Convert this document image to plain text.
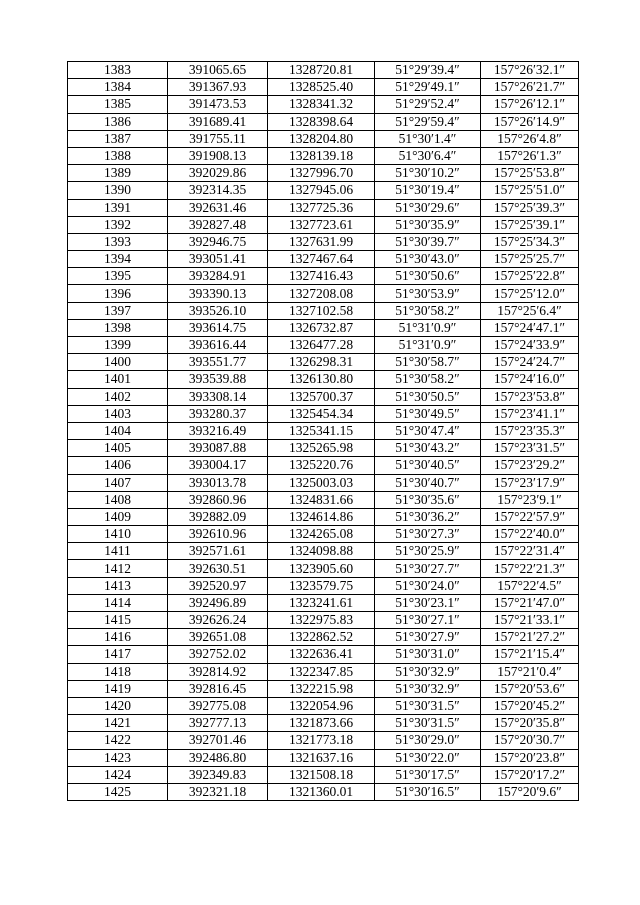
1383	391065.65	1328720.81	51°29′39.4″	157°26′32.1″
1384	391367.93	1328525.40	51°29′49.1″	157°26′21.7″
1385	391473.53	1328341.32	51°29′52.4″	157°26′12.1″
1386	391689.41	1328398.64	51°29′59.4″	157°26′14.9″
1387	391755.11	1328204.80	51°30′1.4″	157°26′4.8″
1388	391908.13	1328139.18	51°30′6.4″	157°26′1.3″
1389	392029.86	1327996.70	51°30′10.2″	157°25′53.8″
1390	392314.35	1327945.06	51°30′19.4″	157°25′51.0″
1391	392631.46	1327725.36	51°30′29.6″	157°25′39.3″
1392	392827.48	1327723.61	51°30′35.9″	157°25′39.1″
1393	392946.75	1327631.99	51°30′39.7″	157°25′34.3″
1394	393051.41	1327467.64	51°30′43.0″	157°25′25.7″
1395	393284.91	1327416.43	51°30′50.6″	157°25′22.8″
1396	393390.13	1327208.08	51°30′53.9″	157°25′12.0″
1397	393526.10	1327102.58	51°30′58.2″	157°25′6.4″
1398	393614.75	1326732.87	51°31′0.9″	157°24′47.1″
1399	393616.44	1326477.28	51°31′0.9″	157°24′33.9″
1400	393551.77	1326298.31	51°30′58.7″	157°24′24.7″
1401	393539.88	1326130.80	51°30′58.2″	157°24′16.0″
1402	393308.14	1325700.37	51°30′50.5″	157°23′53.8″
1403	393280.37	1325454.34	51°30′49.5″	157°23′41.1″
1404	393216.49	1325341.15	51°30′47.4″	157°23′35.3″
1405	393087.88	1325265.98	51°30′43.2″	157°23′31.5″
1406	393004.17	1325220.76	51°30′40.5″	157°23′29.2″
1407	393013.78	1325003.03	51°30′40.7″	157°23′17.9″
1408	392860.96	1324831.66	51°30′35.6″	157°23′9.1″
1409	392882.09	1324614.86	51°30′36.2″	157°22′57.9″
1410	392610.96	1324265.08	51°30′27.3″	157°22′40.0″
1411	392571.61	1324098.88	51°30′25.9″	157°22′31.4″
1412	392630.51	1323905.60	51°30′27.7″	157°22′21.3″
1413	392520.97	1323579.75	51°30′24.0″	157°22′4.5″
1414	392496.89	1323241.61	51°30′23.1″	157°21′47.0″
1415	392626.24	1322975.83	51°30′27.1″	157°21′33.1″
1416	392651.08	1322862.52	51°30′27.9″	157°21′27.2″
1417	392752.02	1322636.41	51°30′31.0″	157°21′15.4″
1418	392814.92	1322347.85	51°30′32.9″	157°21′0.4″
1419	392816.45	1322215.98	51°30′32.9″	157°20′53.6″
1420	392775.08	1322054.96	51°30′31.5″	157°20′45.2″
1421	392777.13	1321873.66	51°30′31.5″	157°20′35.8″
1422	392701.46	1321773.18	51°30′29.0″	157°20′30.7″
1423	392486.80	1321637.16	51°30′22.0″	157°20′23.8″
1424	392349.83	1321508.18	51°30′17.5″	157°20′17.2″
1425	392321.18	1321360.01	51°30′16.5″	157°20′9.6″
